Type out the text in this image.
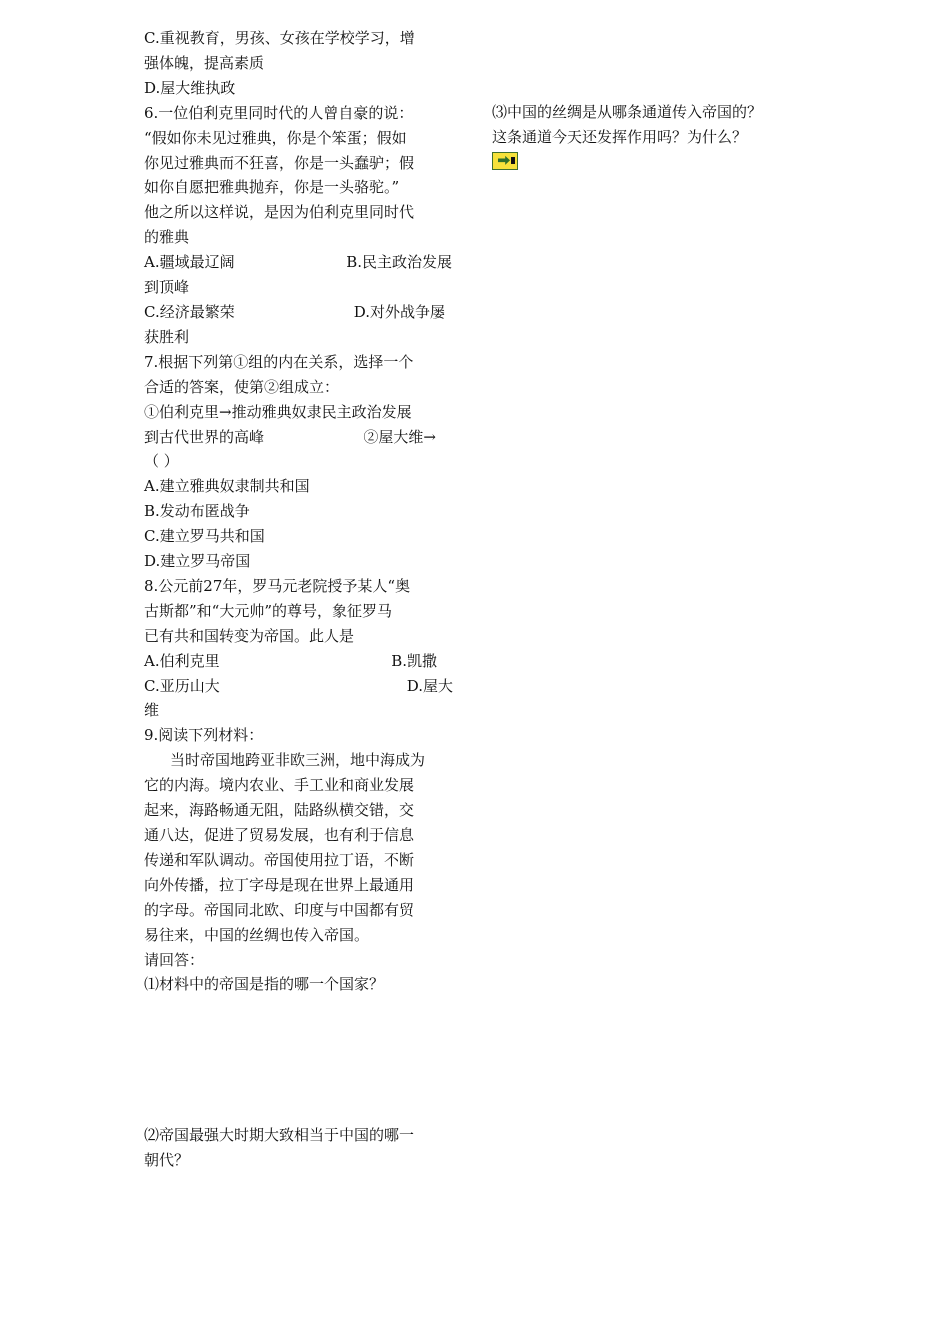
C.重视教育，男孩、女孩在学校学习，增
强体魄，提高素质
D.屋大维执政
6.一位伯利克里同时代的人曾自豪的说：
“假如你未见过雅典，你是个笨蛋；假如
你见过雅典而不狂喜，你是一头蠢驴；假
如你自愿把雅典抛弃，你是一头骆驼。”
他之所以这样说，是因为伯利克里同时代
的雅典
A.疆域最辽阔	B.民主政治发展
到顶峰
C.经济最繁荣	D.对外战争屡
获胜利
7.根据下列第①组的内在关系，选择一个
合适的答案，使第②组成立：
①伯利克里→推动雅典奴隶民主政治发展
到古代世界的高峰	②屋大维→
（ ）
A.建立雅典奴隶制共和国
B.发动布匿战争
C.建立罗马共和国
D.建立罗马帝国
8.公元前27年，罗马元老院授予某人“奥
古斯都”和“大元帅”的尊号，象征罗马
已有共和国转变为帝国。此人是
A.伯利克里	B.凯撒
C.亚历山大	D.屋大
维
9.阅读下列材料：
当时帝国地跨亚非欧三洲，地中海成为
它的内海。境内农业、手工业和商业发展
起来，海路畅通无阻，陆路纵横交错，交
通八达，促进了贸易发展，也有利于信息
传递和军队调动。帝国使用拉丁语，不断
向外传播，拉丁字母是现在世界上最通用
的字母。帝国同北欧、印度与中国都有贸
易往来，中国的丝绸也传入帝国。
请回答：
⑴材料中的帝国是指的哪一个国家？
⑵帝国最强大时期大致相当于中国的哪一
朝代？
⑶中国的丝绸是从哪条通道传入帝国的？
这条通道今天还发挥作用吗？为什么？
